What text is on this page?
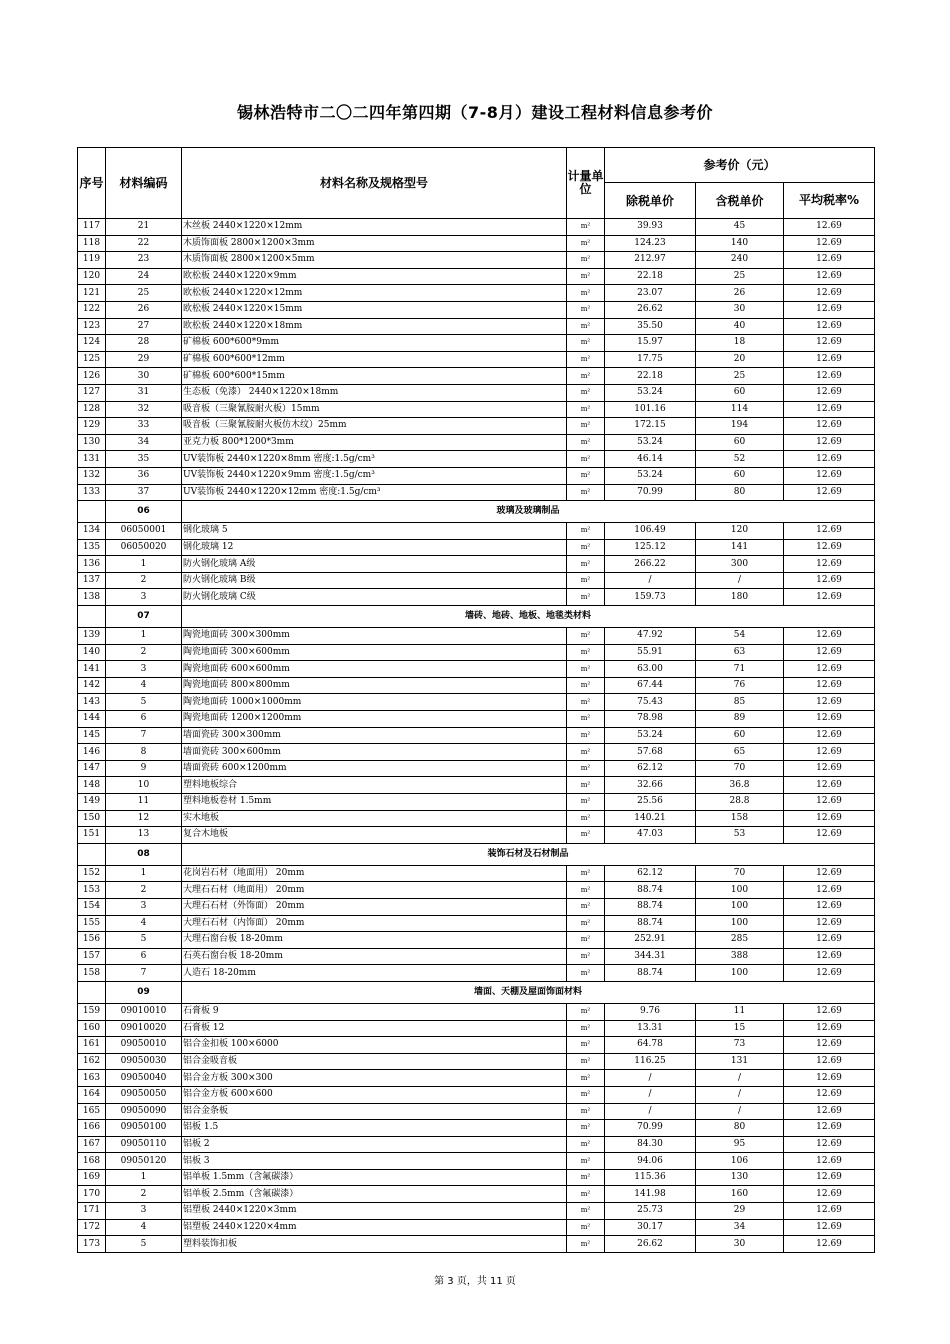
锡林浩特市二〇二四年第四期（7-8月）建设工程材料信息参考价
序号	材料编码	材料名称及规格型号	计量单位	参考价（元）		
				除税单价	含税单价	平均税率%
117	21	木丝板 2440×1220×12mm	m²	39.93	45	12.69
118	22	木质饰面板 2800×1200×3mm	m²	124.23	140	12.69
119	23	木质饰面板 2800×1200×5mm	m²	212.97	240	12.69
120	24	欧松板 2440×1220×9mm	m²	22.18	25	12.69
121	25	欧松板 2440×1220×12mm	m²	23.07	26	12.69
122	26	欧松板 2440×1220×15mm	m²	26.62	30	12.69
123	27	欧松板 2440×1220×18mm	m²	35.50	40	12.69
124	28	矿棉板 600*600*9mm	m²	15.97	18	12.69
125	29	矿棉板 600*600*12mm	m²	17.75	20	12.69
126	30	矿棉板 600*600*15mm	m²	22.18	25	12.69
127	31	生态板（免漆） 2440×1220×18mm	m²	53.24	60	12.69
128	32	吸音板（三聚氰胺耐火板）15mm	m²	101.16	114	12.69
129	33	吸音板（三聚氰胺耐火板仿木纹）25mm	m²	172.15	194	12.69
130	34	亚克力板 800*1200*3mm	m²	53.24	60	12.69
131	35	UV装饰板 2440×1220×8mm 密度:1.5g/cm³	m²	46.14	52	12.69
132	36	UV装饰板 2440×1220×9mm 密度:1.5g/cm³	m²	53.24	60	12.69
133	37	UV装饰板 2440×1220×12mm 密度:1.5g/cm³	m²	70.99	80	12.69
	06	玻璃及玻璃制品				
134	06050001	钢化玻璃 5	m²	106.49	120	12.69
135	06050020	钢化玻璃 12	m²	125.12	141	12.69
136	1	防火钢化玻璃 A级	m²	266.22	300	12.69
137	2	防火钢化玻璃 B级	m²	/	/	12.69
138	3	防火钢化玻璃 C级	m²	159.73	180	12.69
	07	墙砖、地砖、地板、地毯类材料				
139	1	陶瓷地面砖 300×300mm	m²	47.92	54	12.69
140	2	陶瓷地面砖 300×600mm	m²	55.91	63	12.69
141	3	陶瓷地面砖 600×600mm	m²	63.00	71	12.69
142	4	陶瓷地面砖 800×800mm	m²	67.44	76	12.69
143	5	陶瓷地面砖 1000×1000mm	m²	75.43	85	12.69
144	6	陶瓷地面砖 1200×1200mm	m²	78.98	89	12.69
145	7	墙面瓷砖 300×300mm	m²	53.24	60	12.69
146	8	墙面瓷砖 300×600mm	m²	57.68	65	12.69
147	9	墙面瓷砖 600×1200mm	m²	62.12	70	12.69
148	10	塑料地板综合	m²	32.66	36.8	12.69
149	11	塑料地板卷材 1.5mm	m²	25.56	28.8	12.69
150	12	实木地板	m²	140.21	158	12.69
151	13	复合木地板	m²	47.03	53	12.69
	08	装饰石材及石材制品				
152	1	花岗岩石材（地面用） 20mm	m²	62.12	70	12.69
153	2	大理石石材（地面用） 20mm	m²	88.74	100	12.69
154	3	大理石石材（外饰面） 20mm	m²	88.74	100	12.69
155	4	大理石石材（内饰面） 20mm	m²	88.74	100	12.69
156	5	大理石窗台板 18-20mm	m²	252.91	285	12.69
157	6	石英石窗台板 18-20mm	m²	344.31	388	12.69
158	7	人造石 18-20mm	m²	88.74	100	12.69
	09	墙面、天棚及屋面饰面材料				
159	09010010	石膏板 9	m²	9.76	11	12.69
160	09010020	石膏板 12	m²	13.31	15	12.69
161	09050010	铝合金扣板 100×6000	m²	64.78	73	12.69
162	09050030	铝合金吸音板	m²	116.25	131	12.69
163	09050040	铝合金方板 300×300	m²	/	/	12.69
164	09050050	铝合金方板 600×600	m²	/	/	12.69
165	09050090	铝合金条板	m²	/	/	12.69
166	09050100	铝板 1.5	m²	70.99	80	12.69
167	09050110	铝板 2	m²	84.30	95	12.69
168	09050120	铝板 3	m²	94.06	106	12.69
169	1	铝单板 1.5mm（含氟碳漆）	m²	115.36	130	12.69
170	2	铝单板 2.5mm（含氟碳漆）	m²	141.98	160	12.69
171	3	铝塑板 2440×1220×3mm	m²	25.73	29	12.69
172	4	铝塑板 2440×1220×4mm	m²	30.17	34	12.69
173	5	塑料装饰扣板	m²	26.62	30	12.69
第 3 页，共 11 页
